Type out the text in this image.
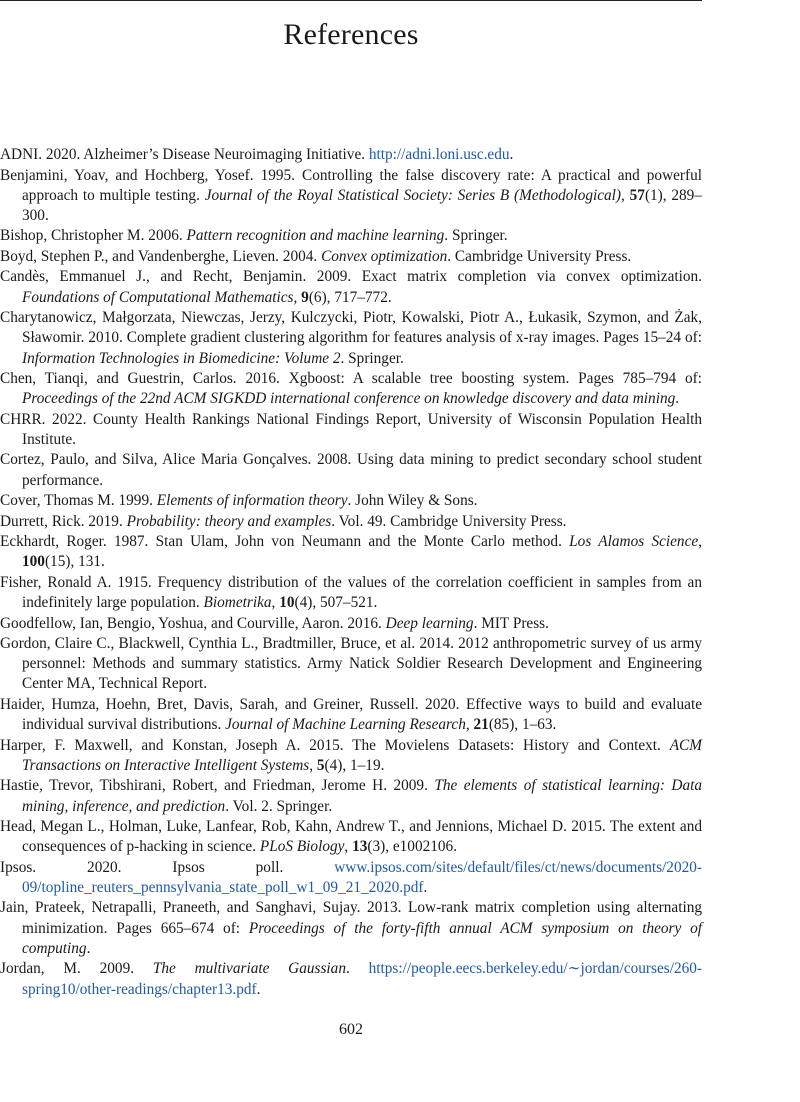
References

ADNI. 2020. Alzheimer’s Disease Neuroimaging Initiative. http://adni.loni.usc.edu.

Benjamini, Yoav, and Hochberg, Yosef. 1995. Controlling the false discovery rate: A practical and powerful approach to multiple testing. Journal of the Royal Statistical Society: Series B (Methodological), 57(1), 289–300.

Bishop, Christopher M. 2006. Pattern recognition and machine learning. Springer.

Boyd, Stephen P., and Vandenberghe, Lieven. 2004. Convex optimization. Cambridge University Press.

Candès, Emmanuel J., and Recht, Benjamin. 2009. Exact matrix completion via convex optimization. Foundations of Computational Mathematics, 9(6), 717–772.

Charytanowicz, Małgorzata, Niewczas, Jerzy, Kulczycki, Piotr, Kowalski, Piotr A., Łukasik, Szymon, and Żak, Sławomir. 2010. Complete gradient clustering algorithm for features analysis of x-ray images. Pages 15–24 of: Information Technologies in Biomedicine: Volume 2. Springer.

Chen, Tianqi, and Guestrin, Carlos. 2016. Xgboost: A scalable tree boosting system. Pages 785–794 of: Proceedings of the 22nd ACM SIGKDD international conference on knowledge discovery and data mining.

CHRR. 2022. County Health Rankings National Findings Report, University of Wisconsin Population Health Institute.

Cortez, Paulo, and Silva, Alice Maria Gonçalves. 2008. Using data mining to predict secondary school student performance.

Cover, Thomas M. 1999. Elements of information theory. John Wiley & Sons.

Durrett, Rick. 2019. Probability: theory and examples. Vol. 49. Cambridge University Press.

Eckhardt, Roger. 1987. Stan Ulam, John von Neumann and the Monte Carlo method. Los Alamos Science, 100(15), 131.

Fisher, Ronald A. 1915. Frequency distribution of the values of the correlation coefficient in samples from an indefinitely large population. Biometrika, 10(4), 507–521.

Goodfellow, Ian, Bengio, Yoshua, and Courville, Aaron. 2016. Deep learning. MIT Press.

Gordon, Claire C., Blackwell, Cynthia L., Bradtmiller, Bruce, et al. 2014. 2012 anthropometric survey of us army personnel: Methods and summary statistics. Army Natick Soldier Research Development and Engineering Center MA, Technical Report.

Haider, Humza, Hoehn, Bret, Davis, Sarah, and Greiner, Russell. 2020. Effective ways to build and evaluate individual survival distributions. Journal of Machine Learning Research, 21(85), 1–63.

Harper, F. Maxwell, and Konstan, Joseph A. 2015. The Movielens Datasets: History and Context. ACM Transactions on Interactive Intelligent Systems, 5(4), 1–19.

Hastie, Trevor, Tibshirani, Robert, and Friedman, Jerome H. 2009. The elements of statistical learning: Data mining, inference, and prediction. Vol. 2. Springer.

Head, Megan L., Holman, Luke, Lanfear, Rob, Kahn, Andrew T., and Jennions, Michael D. 2015. The extent and consequences of p-hacking in science. PLoS Biology, 13(3), e1002106.

Ipsos. 2020. Ipsos poll. www.ipsos.com/sites/default/files/ct/news/documents/2020-09/topline_reuters_pennsylvania_state_poll_w1_09_21_2020.pdf.

Jain, Prateek, Netrapalli, Praneeth, and Sanghavi, Sujay. 2013. Low-rank matrix completion using alternating minimization. Pages 665–674 of: Proceedings of the forty-fifth annual ACM symposium on theory of computing.

Jordan, M. 2009. The multivariate Gaussian. https://people.eecs.berkeley.edu/∼jordan/courses/260-spring10/other-readings/chapter13.pdf.

602
